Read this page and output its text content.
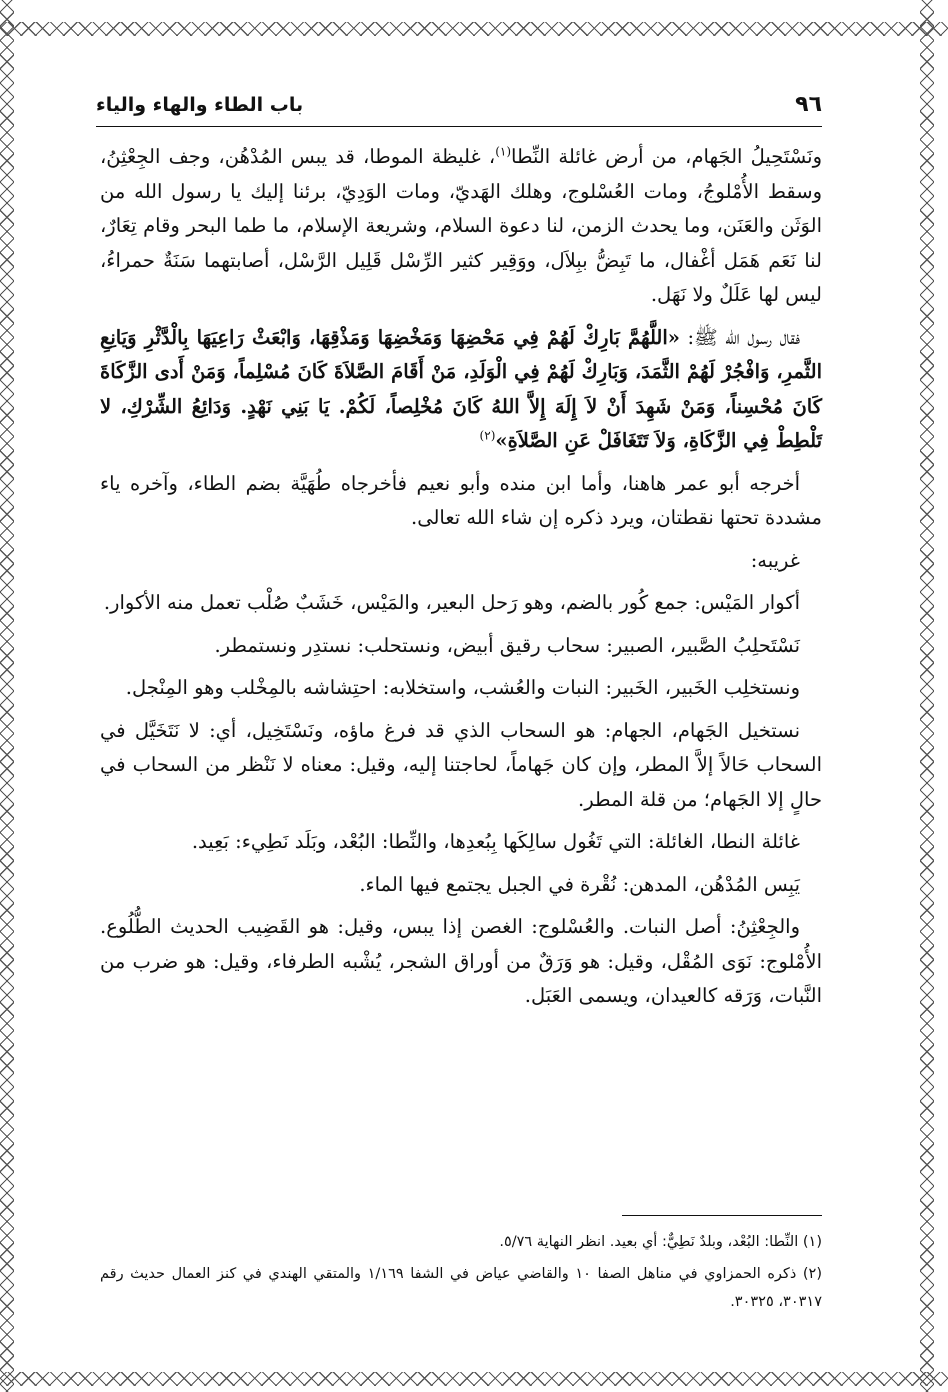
٩٦
باب الطاء والهاء والياء

ونَسْتَحِيلُ الجَهام، من أرض غائلة النِّطا$^{(١)}$، غليظة الموطا، قد يبس المُدْهُن، وجف الجِعْثِنُ، وسقط الأُمْلوجُ، ومات العُسْلوج، وهلك الهَديّ، ومات الوَدِيّ، برئنا إليك يا رسول الله من الوَثَن والعَنَن، وما يحدث الزمن، لنا دعوة السلام، وشريعة الإسلام، ما طما البحر وقام تِعَارٌ، لنا نَعَم هَمَل أغْفال، ما تَبِضُّ ببِلاَل، ووَقِير كثير الرِّسْل قَلِيل الرَّسْل، أصابتهما سَنَةٌ حمراءُ، ليس لها عَلَلٌ ولا نَهَل.

فقال رسول الله ﷺ: «اللَّهُمَّ بَارِكْ لَهُمْ فِي مَحْضِهَا وَمَخْضِهَا وَمَذْقِهَا، وَابْعَثْ رَاعِيَهَا بِالْدَّثْرِ وَيَانِعِ الثَّمرِ، وَافْجُرْ لَهُمْ الثَّمَدَ، وَبَارِكْ لَهُمْ فِي الْوَلَدِ، مَنْ أَقَامَ الصَّلاَةَ كَانَ مُسْلِماً، وَمَنْ أَدى الزَّكَاةَ كَانَ مُحْسِناً، وَمَنْ شَهِدَ أَنْ لاَ إِلَهَ إِلاَّ اللهُ كَانَ مُخْلِصاً، لَكُمْ. يَا بَنِي نَهْدٍ. وَدَائِعُ الشِّرْكِ، لا تَلْطِطْ فِي الزَّكَاةِ، وَلاَ تَتَغَافَلْ عَنِ الصَّلاَةِ»$^{(٢)}$

أخرجه أبو عمر هاهنا، وأما ابن منده وأبو نعيم فأخرجاه طُهَيَّة بضم الطاء، وآخره ياء مشددة تحتها نقطتان، ويرد ذكره إن شاء الله تعالى.

غريبه:

أكوار المَيْس: جمع كُور بالضم، وهو رَحل البعير، والمَيْس، خَشَبٌ صُلْب تعمل منه الأكوار.

نَسْتَحلِبُ الصَّبير، الصبير: سحاب رقيق أبيض، ونستحلب: نستدِر ونستمطر.

ونستخلِب الخَبير، الخَبير: النبات والعُشب، واستخلابه: احتِشاشه بالمِخْلب وهو المِنْجل.

نستخيل الجَهام، الجهام: هو السحاب الذي قد فرغ ماؤه، ونَسْتَخِيل، أي: لا نَتَخَيَّل في السحاب حَالاً إلاَّ المطر، وإن كان جَهاماً، لحاجتنا إليه، وقيل: معناه لا نَنْظر من السحاب في حالٍ إلا الجَهام؛ من قلة المطر.

غائلة النطا، الغائلة: التي تَغُول سالِكَها بِبُعدِها، والنِّطا: البُعْد، وبَلَد نَطِيء: بَعِيد.

يَبِس المُدْهُن، المدهن: نُقْرة في الجبل يجتمع فيها الماء.

والجِعْثِنُ: أصل النبات. والعُسْلوج: الغصن إذا يبس، وقيل: هو القَضِيب الحديث الطُّلُوع. الأُمْلوج: نَوَى المُقْل، وقيل: هو وَرَقٌ من أوراق الشجر، يُشْبه الطرفاء، وقيل: هو ضرب من النَّبات، وَرَقه كالعيدان، ويسمى العَبَل.

(١) النِّطا: البُعْد، وبلدٌ نَطِيٌّ: أي بعيد. انظر النهاية ٥/٧٦.

(٢) ذكره الحمزاوي في مناهل الصفا ١٠ والقاضي عياض في الشفا ١/١٦٩ والمتقي الهندي في كنز العمال حديث رقم ٣٠٣١٧، ٣٠٣٢٥.
